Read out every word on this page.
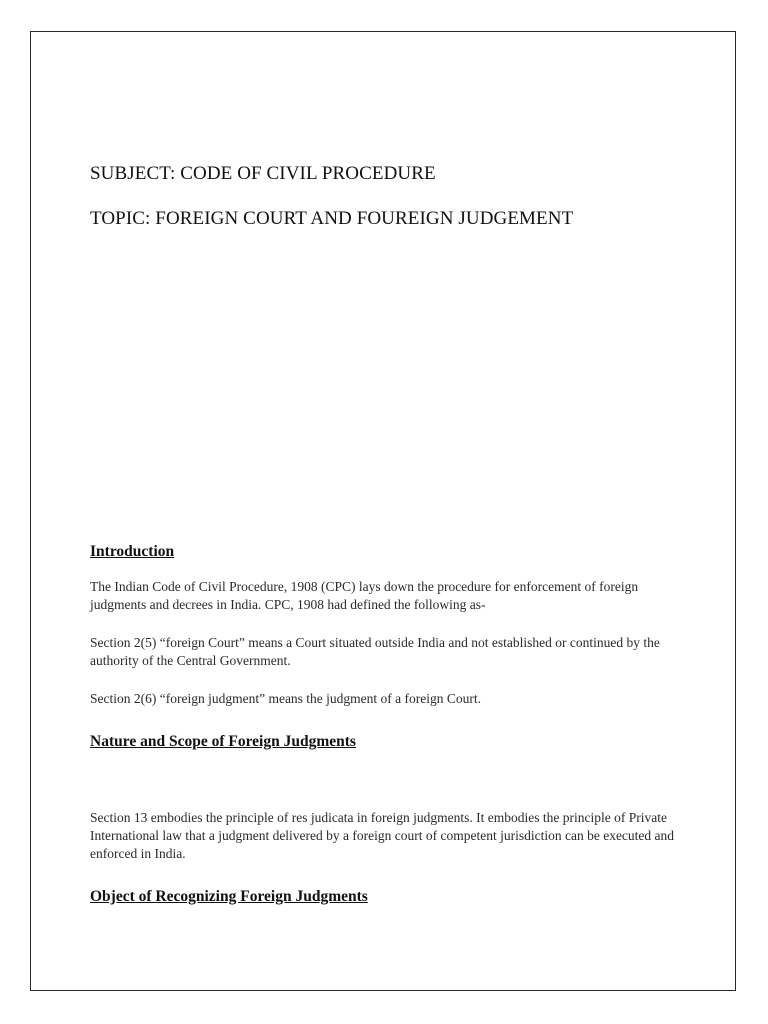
SUBJECT: CODE OF CIVIL PROCEDURE
TOPIC: FOREIGN COURT AND FOUREIGN JUDGEMENT
Introduction
The Indian Code of Civil Procedure, 1908 (CPC) lays down the procedure for enforcement of foreign judgments and decrees in India. CPC, 1908 had defined the following as-
Section 2(5) “foreign Court” means a Court situated outside India and not established or continued by the authority of the Central Government.
Section 2(6) “foreign judgment” means the judgment of a foreign Court.
Nature and Scope of Foreign Judgments
Section 13 embodies the principle of res judicata in foreign judgments. It embodies the principle of Private International law that a judgment delivered by a foreign court of competent jurisdiction can be executed and enforced in India.
Object of Recognizing Foreign Judgments
